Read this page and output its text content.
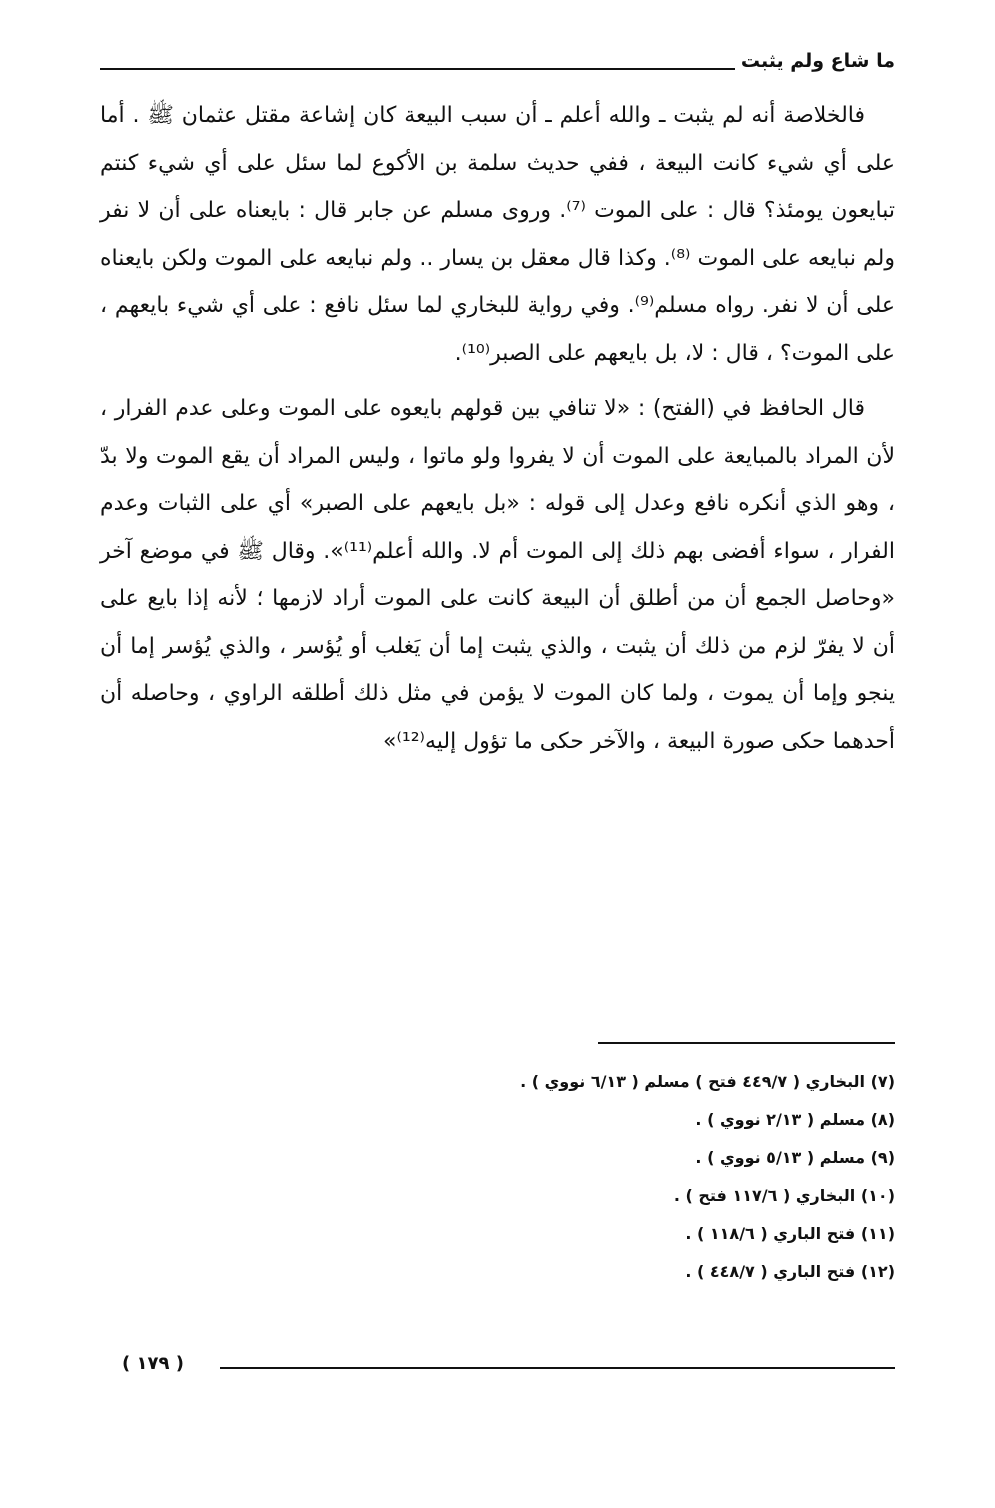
ما شاع ولم يثبت

فالخلاصة أنه لم يثبت ـ والله أعلم ـ أن سبب البيعة كان إشاعة مقتل عثمان ﷺ . أما على أي شيء كانت البيعة ، ففي حديث سلمة بن الأكوع لما سئل على أي شيء كنتم تبايعون يومئذ؟ قال : على الموت ⁽⁷⁾. وروى مسلم عن جابر قال : بايعناه على أن لا نفر ولم نبايعه على الموت ⁽⁸⁾. وكذا قال معقل بن يسار .. ولم نبايعه على الموت ولكن بايعناه على أن لا نفر. رواه مسلم⁽⁹⁾. وفي رواية للبخاري لما سئل نافع : على أي شيء بايعهم ، على الموت؟ ، قال : لا، بل بايعهم على الصبر⁽¹⁰⁾.

قال الحافظ في (الفتح) : «لا تنافي بين قولهم بايعوه على الموت وعلى عدم الفرار ، لأن المراد بالمبايعة على الموت أن لا يفروا ولو ماتوا ، وليس المراد أن يقع الموت ولا بدّ ، وهو الذي أنكره نافع وعدل إلى قوله : «بل بايعهم على الصبر» أي على الثبات وعدم الفرار ، سواء أفضى بهم ذلك إلى الموت أم لا. والله أعلم⁽¹¹⁾». وقال ﷺ في موضع آخر «وحاصل الجمع أن من أطلق أن البيعة كانت على الموت أراد لازمها ؛ لأنه إذا بايع على أن لا يفرّ لزم من ذلك أن يثبت ، والذي يثبت إما أن يَغلب أو يُؤسر ، والذي يُؤسر إما أن ينجو وإما أن يموت ، ولما كان الموت لا يؤمن في مثل ذلك أطلقه الراوي ، وحاصله أن أحدهما حكى صورة البيعة ، والآخر حكى ما تؤول إليه⁽¹²⁾»

(٧) البخاري ( ٤٤٩/٧ فتح ) مسلم ( ٦/١٣ نووي ) .
(٨) مسلم ( ٢/١٣ نووي ) .
(٩) مسلم ( ٥/١٣ نووي ) .
(١٠) البخاري ( ١١٧/٦ فتح ) .
(١١) فتح الباري ( ١١٨/٦ ) .
(١٢) فتح الباري ( ٤٤٨/٧ ) .
( ١٧٩ )
